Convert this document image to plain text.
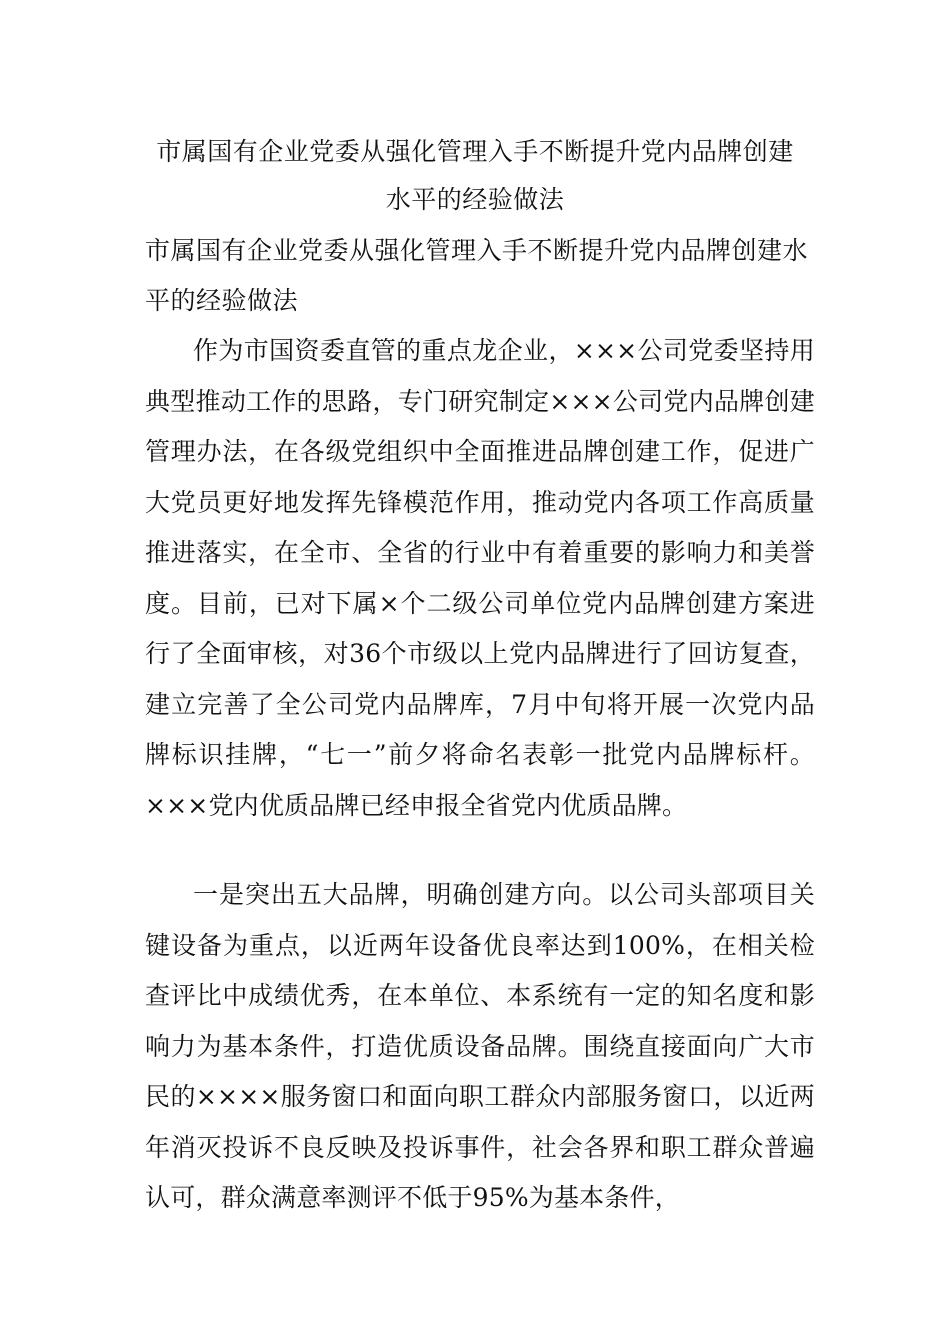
市属国有企业党委从强化管理入手不断提升党内品牌创建
水平的经验做法
市属国有企业党委从强化管理入手不断提升党内品牌创建水平的经验做法

作为市国资委直管的重点龙企业，×××公司党委坚持用典型推动工作的思路，专门研究制定×××公司党内品牌创建管理办法，在各级党组织中全面推进品牌创建工作，促进广大党员更好地发挥先锋模范作用，推动党内各项工作高质量推进落实，在全市、全省的行业中有着重要的影响力和美誉度。目前，已对下属×个二级公司单位党内品牌创建方案进行了全面审核，对36个市级以上党内品牌进行了回访复查，建立完善了全公司党内品牌库，7月中旬将开展一次党内品牌标识挂牌，“七一”前夕将命名表彰一批党内品牌标杆。×××党内优质品牌已经申报全省党内优质品牌。

一是突出五大品牌，明确创建方向。以公司头部项目关键设备为重点，以近两年设备优良率达到100%，在相关检查评比中成绩优秀，在本单位、本系统有一定的知名度和影响力为基本条件，打造优质设备品牌。围绕直接面向广大市民的××××服务窗口和面向职工群众内部服务窗口，以近两年消灭投诉不良反映及投诉事件，社会各界和职工群众普遍认可，群众满意率测评不低于95%为基本条件，
